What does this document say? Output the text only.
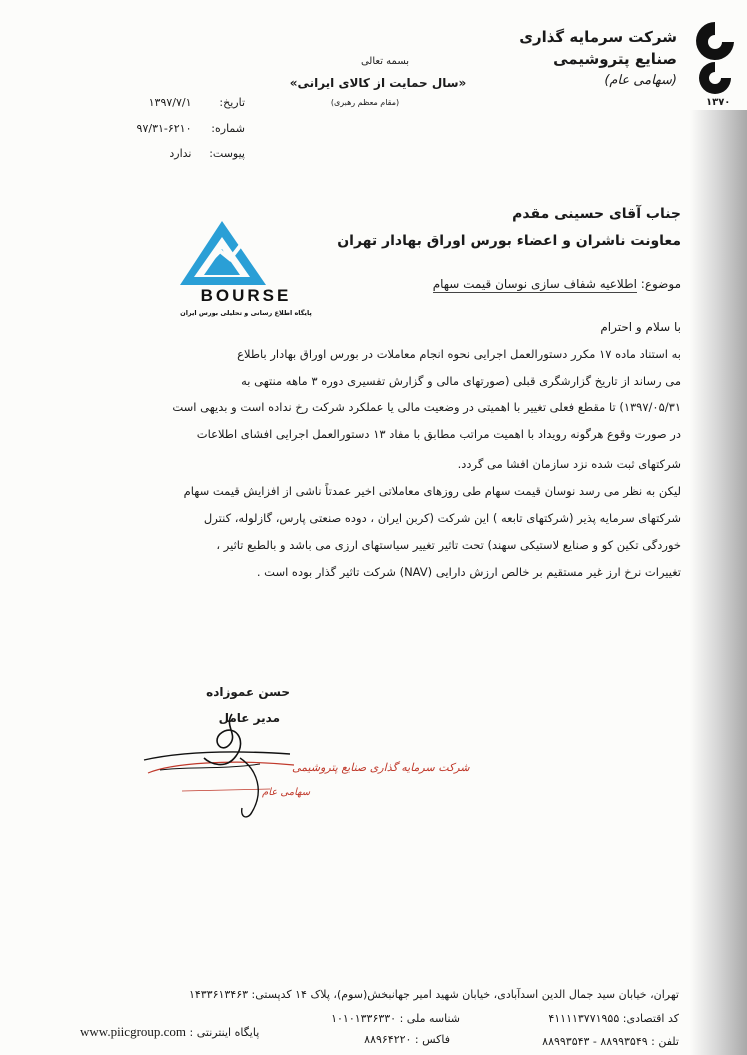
۱۳۷۰
شرکت سرمایه گذاری
صنایع پتروشیمی
(سهامی عام)
بسمه تعالی
«سال حمایت از کالای ایرانی»
(مقام معظم رهبری)
تاریخ: ۱۳۹۷/۷/۱
شماره: ۹۷/۳۱-۶۲۱۰
پیوست: ندارد
جناب آقای حسینی مقدم
معاونت ناشران و اعضاء بورس اوراق بهادار تهران
BOURSE
پایگاه اطلاع رسانی و تحلیلی بورس ایران
موضوع: اطلاعیه شفاف سازی نوسان قیمت سهام
با سلام و احترام
به استناد ماده ۱۷ مکرر دستورالعمل اجرایی نحوه انجام معاملات در بورس اوراق بهادار باطلاع
می رساند از تاریخ گزارشگری قبلی (صورتهای مالی و گزارش تفسیری دوره ۳ ماهه منتهی به
۱۳۹۷/۰۵/۳۱) تا مقطع فعلی تغییر با اهمیتی در وضعیت مالی یا عملکرد شرکت رخ نداده است و بدیهی است
در صورت وقوع هرگونه رویداد با اهمیت مراتب مطابق با مفاد ۱۳ دستورالعمل اجرایی افشای اطلاعات
شرکتهای ثبت شده نزد سازمان افشا می گردد.
لیکن به نظر می رسد نوسان قیمت سهام طی روزهای معاملاتی اخیر عمدتاً ناشی از افزایش قیمت سهام
شرکتهای سرمایه پذیر (شرکتهای تابعه ) این شرکت (کربن ایران ، دوده صنعتی پارس، گازلوله، کنترل
خوردگی تکین کو و صنایع لاستیکی سهند) تحت تاثیر تغییر سیاستهای ارزی می باشد و بالطبع تاثیر ،
تغییرات نرخ ارز غیر مستقیم بر خالص ارزش دارایی (NAV) شرکت تاثیر گذار بوده است .
حسن عموزاده
مدیر عامل
شرکت سرمایه گذاری صنایع پتروشیمی
سهامی عام
تهران، خیابان سید جمال الدین اسدآبادی، خیابان شهید امیر جهانبخش(سوم)، پلاک ۱۴ کدپستی: ۱۴۳۳۶۱۳۴۶۳
کد اقتصادی: ۴۱۱۱۱۳۷۷۱۹۵۵
شناسه ملی : ۱۰۱۰۱۳۳۶۳۳۰
تلفن : ۸۸۹۹۳۵۴۹ - ۸۸۹۹۳۵۴۳
فاکس : ۸۸۹۶۴۲۲۰
www.piicgroup.com پایگاه اینترنتی :
